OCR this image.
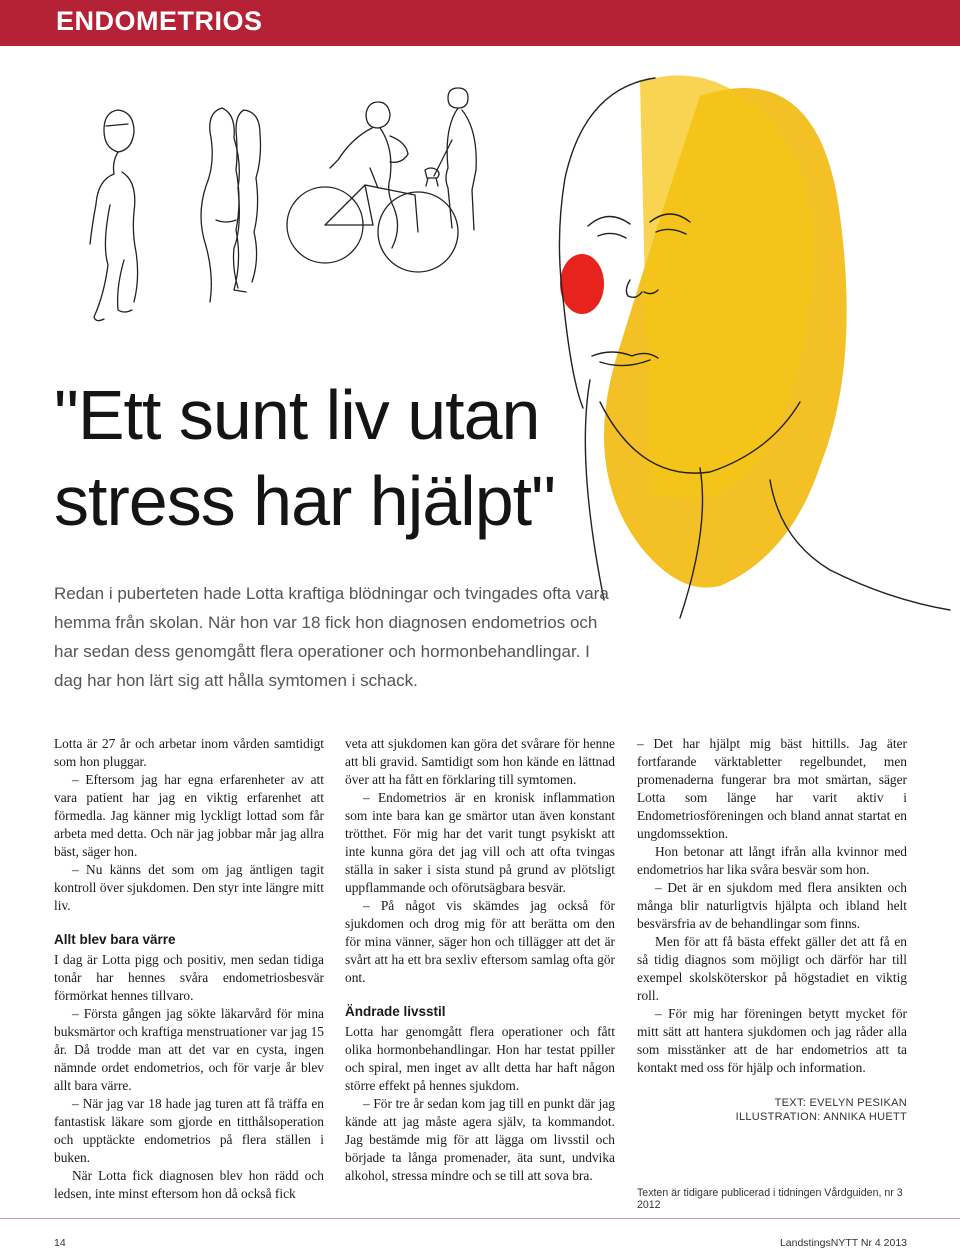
ENDOMETRIOS
"Ett sunt liv utan
stress har hjälpt"
Redan i puberteten hade Lotta kraftiga blödningar och tvingades ofta vara hemma från skolan. När hon var 18 fick hon diagnosen endometrios och har sedan dess genomgått flera operationer och hormonbehandlingar. I dag har hon lärt sig att hålla symtomen i schack.

Lotta är 27 år och arbetar inom vården samtidigt som hon pluggar.

– Eftersom jag har egna erfarenheter av att vara patient har jag en viktig erfarenhet att förmedla. Jag känner mig lyckligt lottad som får arbeta med detta. Och när jag jobbar mår jag allra bäst, säger hon.

– Nu känns det som om jag äntligen tagit kontroll över sjukdomen. Den styr inte längre mitt liv.

Allt blev bara värre

I dag är Lotta pigg och positiv, men sedan tidiga tonår har hennes svåra endometriosbesvär förmörkat hennes tillvaro.

– Första gången jag sökte läkarvård för mina buksmärtor och kraftiga menstruationer var jag 15 år. Då trodde man att det var en cysta, ingen nämnde ordet endometrios, och för varje år blev allt bara värre.

– När jag var 18 hade jag turen att få träffa en fantastisk läkare som gjorde en titthålsoperation och upptäckte endometrios på flera ställen i buken.

När Lotta fick diagnosen blev hon rädd och ledsen, inte minst eftersom hon då också fick

veta att sjukdomen kan göra det svårare för henne att bli gravid. Samtidigt som hon kände en lättnad över att ha fått en förklaring till symtomen.

– Endometrios är en kronisk inflammation som inte bara kan ge smärtor utan även konstant trötthet. För mig har det varit tungt psykiskt att inte kunna göra det jag vill och att ofta tvingas ställa in saker i sista stund på grund av plötsligt uppflammande och oförutsägbara besvär.

– På något vis skämdes jag också för sjukdomen och drog mig för att berätta om den för mina vänner, säger hon och tillägger att det är svårt att ha ett bra sexliv eftersom samlag ofta gör ont.

Ändrade livsstil

Lotta har genomgått flera operationer och fått olika hormonbehandlingar. Hon har testat ppiller och spiral, men inget av allt detta har haft någon större effekt på hennes sjukdom.

– För tre år sedan kom jag till en punkt där jag kände att jag måste agera själv, ta kommandot. Jag bestämde mig för att lägga om livsstil och började ta långa promenader, äta sunt, undvika alkohol, stressa mindre och se till att sova bra.

– Det har hjälpt mig bäst hittills. Jag äter fortfarande värktabletter regelbundet, men promenaderna fungerar bra mot smärtan, säger Lotta som länge har varit aktiv i Endometriosföreningen och bland annat startat en ungdomssektion.

Hon betonar att långt ifrån alla kvinnor med endometrios har lika svåra besvär som hon.

– Det är en sjukdom med flera ansikten och många blir naturligtvis hjälpta och ibland helt besvärsfria av de behandlingar som finns.

Men för att få bästa effekt gäller det att få en så tidig diagnos som möjligt och därför har till exempel skolsköterskor på högstadiet en viktig roll.

– För mig har föreningen betytt mycket för mitt sätt att hantera sjukdomen och jag råder alla som misstänker att de har endometrios att ta kontakt med oss för hjälp och information.

TEXT: EVELYN PESIKAN
ILLUSTRATION: ANNIKA HUETT
Texten är tidigare publicerad i tidningen Vårdguiden, nr 3 2012
14	LandstingsNYTT Nr 4 2013
